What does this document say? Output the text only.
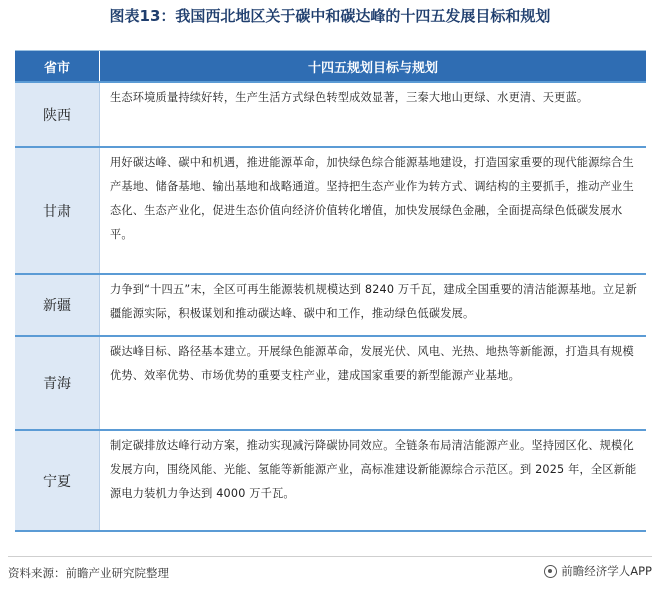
图表13：我国西北地区关于碳中和碳达峰的十四五发展目标和规划
省市	十四五规划目标与规划
陕西
生态环境质量持续好转，生产生活方式绿色转型成效显著，三秦大地山更绿、水更清、天更蓝。
甘肃
用好碳达峰、碳中和机遇，推进能源革命，加快绿色综合能源基地建设，打造国家重要的现代能源综合生产基地、储备基地、输出基地和战略通道。坚持把生态产业作为转方式、调结构的主要抓手，推动产业生态化、生态产业化，促进生态价值向经济价值转化增值，加快发展绿色金融，全面提高绿色低碳发展水平。
新疆
力争到“十四五”末，全区可再生能源装机规模达到 8240 万千瓦，建成全国重要的清洁能源基地。立足新疆能源实际，积极谋划和推动碳达峰、碳中和工作，推动绿色低碳发展。
青海
碳达峰目标、路径基本建立。开展绿色能源革命，发展光伏、风电、光热、地热等新能源，打造具有规模优势、效率优势、市场优势的重要支柱产业，建成国家重要的新型能源产业基地。
宁夏
制定碳排放达峰行动方案，推动实现减污降碳协同效应。全链条布局清洁能源产业。坚持园区化、规模化发展方向，围绕风能、光能、氢能等新能源产业，高标准建设新能源综合示范区。到 2025 年，全区新能源电力装机力争达到 4000 万千瓦。
资料来源：前瞻产业研究院整理	前瞻经济学人APP
